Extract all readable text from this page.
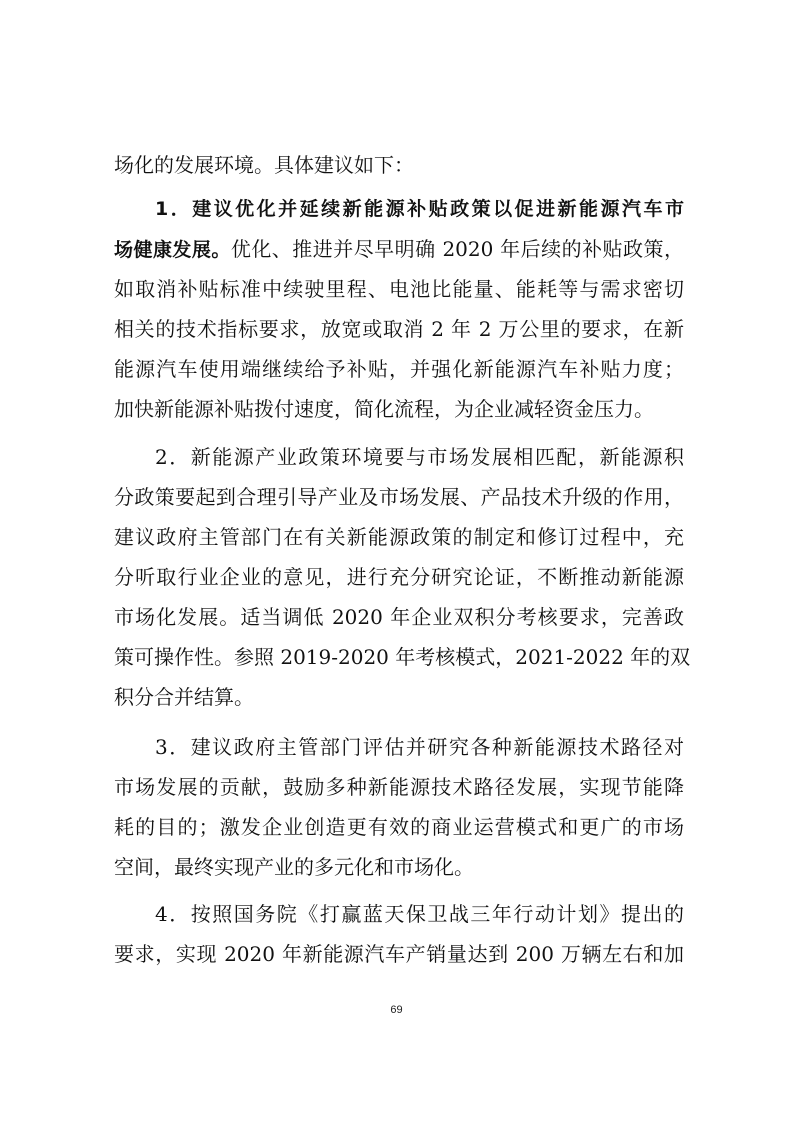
场化的发展环境。具体建议如下：
1．建议优化并延续新能源补贴政策以促进新能源汽车市
场健康发展。优化、推进并尽早明确 2020 年后续的补贴政策，
如取消补贴标准中续驶里程、电池比能量、能耗等与需求密切
相关的技术指标要求，放宽或取消 2 年 2 万公里的要求，在新
能源汽车使用端继续给予补贴，并强化新能源汽车补贴力度；
加快新能源补贴拨付速度，简化流程，为企业减轻资金压力。
2．新能源产业政策环境要与市场发展相匹配，新能源积
分政策要起到合理引导产业及市场发展、产品技术升级的作用，
建议政府主管部门在有关新能源政策的制定和修订过程中，充
分听取行业企业的意见，进行充分研究论证，不断推动新能源
市场化发展。适当调低 2020 年企业双积分考核要求，完善政
策可操作性。参照 2019-2020 年考核模式，2021-2022 年的双
积分合并结算。
3．建议政府主管部门评估并研究各种新能源技术路径对
市场发展的贡献，鼓励多种新能源技术路径发展，实现节能降
耗的目的；激发企业创造更有效的商业运营模式和更广的市场
空间，最终实现产业的多元化和市场化。
4．按照国务院《打赢蓝天保卫战三年行动计划》提出的
要求，实现 2020 年新能源汽车产销量达到 200 万辆左右和加
69
